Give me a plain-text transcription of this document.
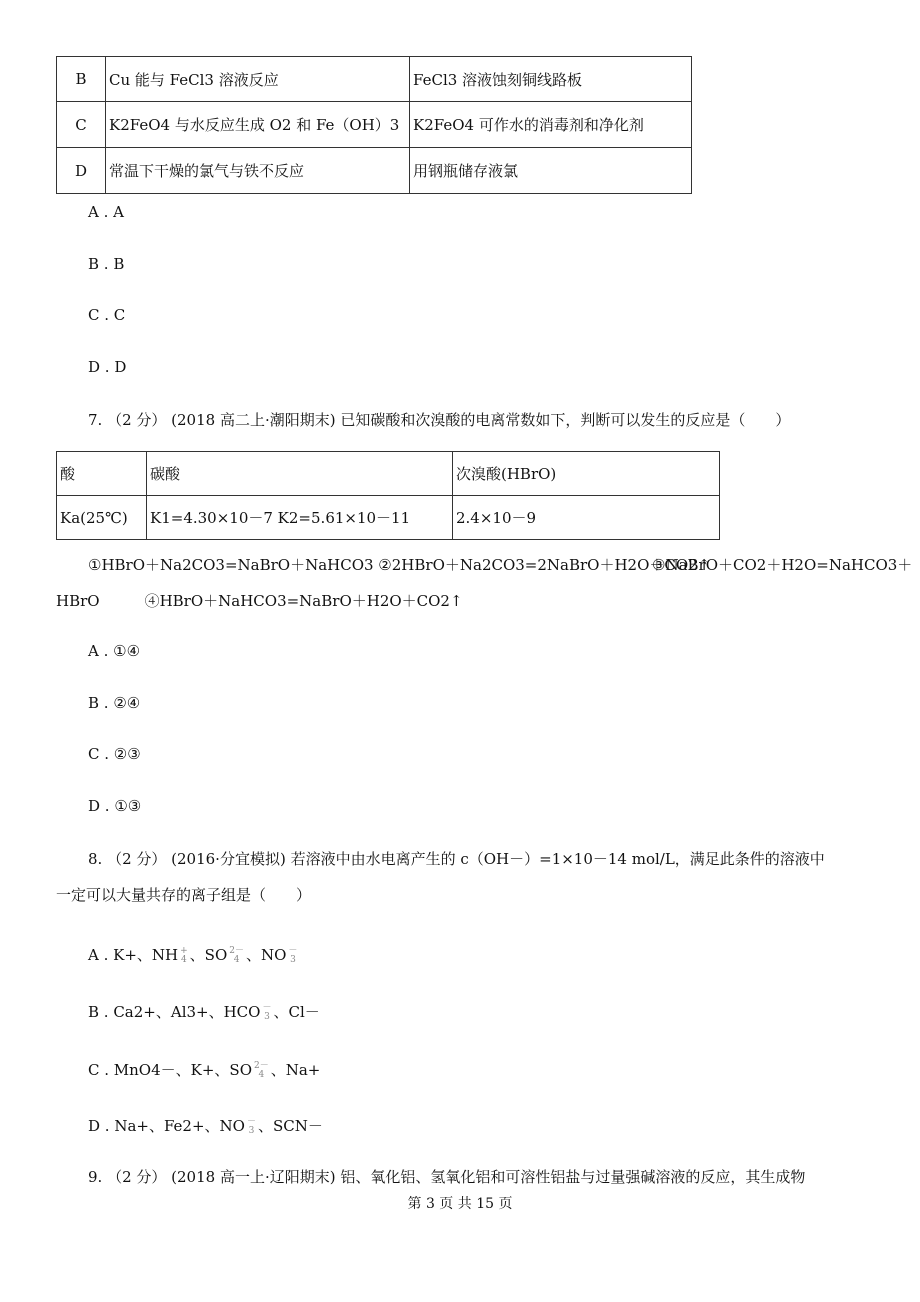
B	Cu 能与 FeCl3 溶液反应	FeCl3 溶液蚀刻铜线路板
C	K2FeO4 与水反应生成 O2 和 Fe（OH）3	K2FeO4 可作水的消毒剂和净化剂
D	常温下干燥的氯气与铁不反应	用钢瓶储存液氯
A . A
B . B
C . C
D . D
7. （2 分） (2018 高二上·潮阳期末) 已知碳酸和次溴酸的电离常数如下，判断可以发生的反应是（　　）
酸	碳酸	次溴酸(HBrO)
Ka(25℃)	K1=4.30×10－7 K2=5.61×10－11	2.4×10－9
①HBrO＋Na2CO3=NaBrO＋NaHCO3 ②2HBrO＋Na2CO3=2NaBrO＋H2O＋CO2↑
③NaBrO＋CO2＋H2O=NaHCO3＋
HBrO　　　④HBrO＋NaHCO3=NaBrO＋H2O＋CO2↑
A . ①④
B . ②④
C . ②③
D . ①③
8. （2 分） (2016·分宜模拟) 若溶液中由水电离产生的 c（OH－）=1×10－14 mol/L，满足此条件的溶液中
一定可以大量共存的离子组是（　　）
A . K+、NH +
4 、SO 2－
4 、NO －
3
B . Ca2+、Al3+、HCO －
3 、Cl－
C . MnO4－、K+、SO 2－
4 、Na+
D . Na+、Fe2+、NO －
3 、SCN－
9. （2 分） (2018 高一上·辽阳期末) 铝、氧化铝、氢氧化铝和可溶性铝盐与过量强碱溶液的反应，其生成物
第 3 页 共 15 页
